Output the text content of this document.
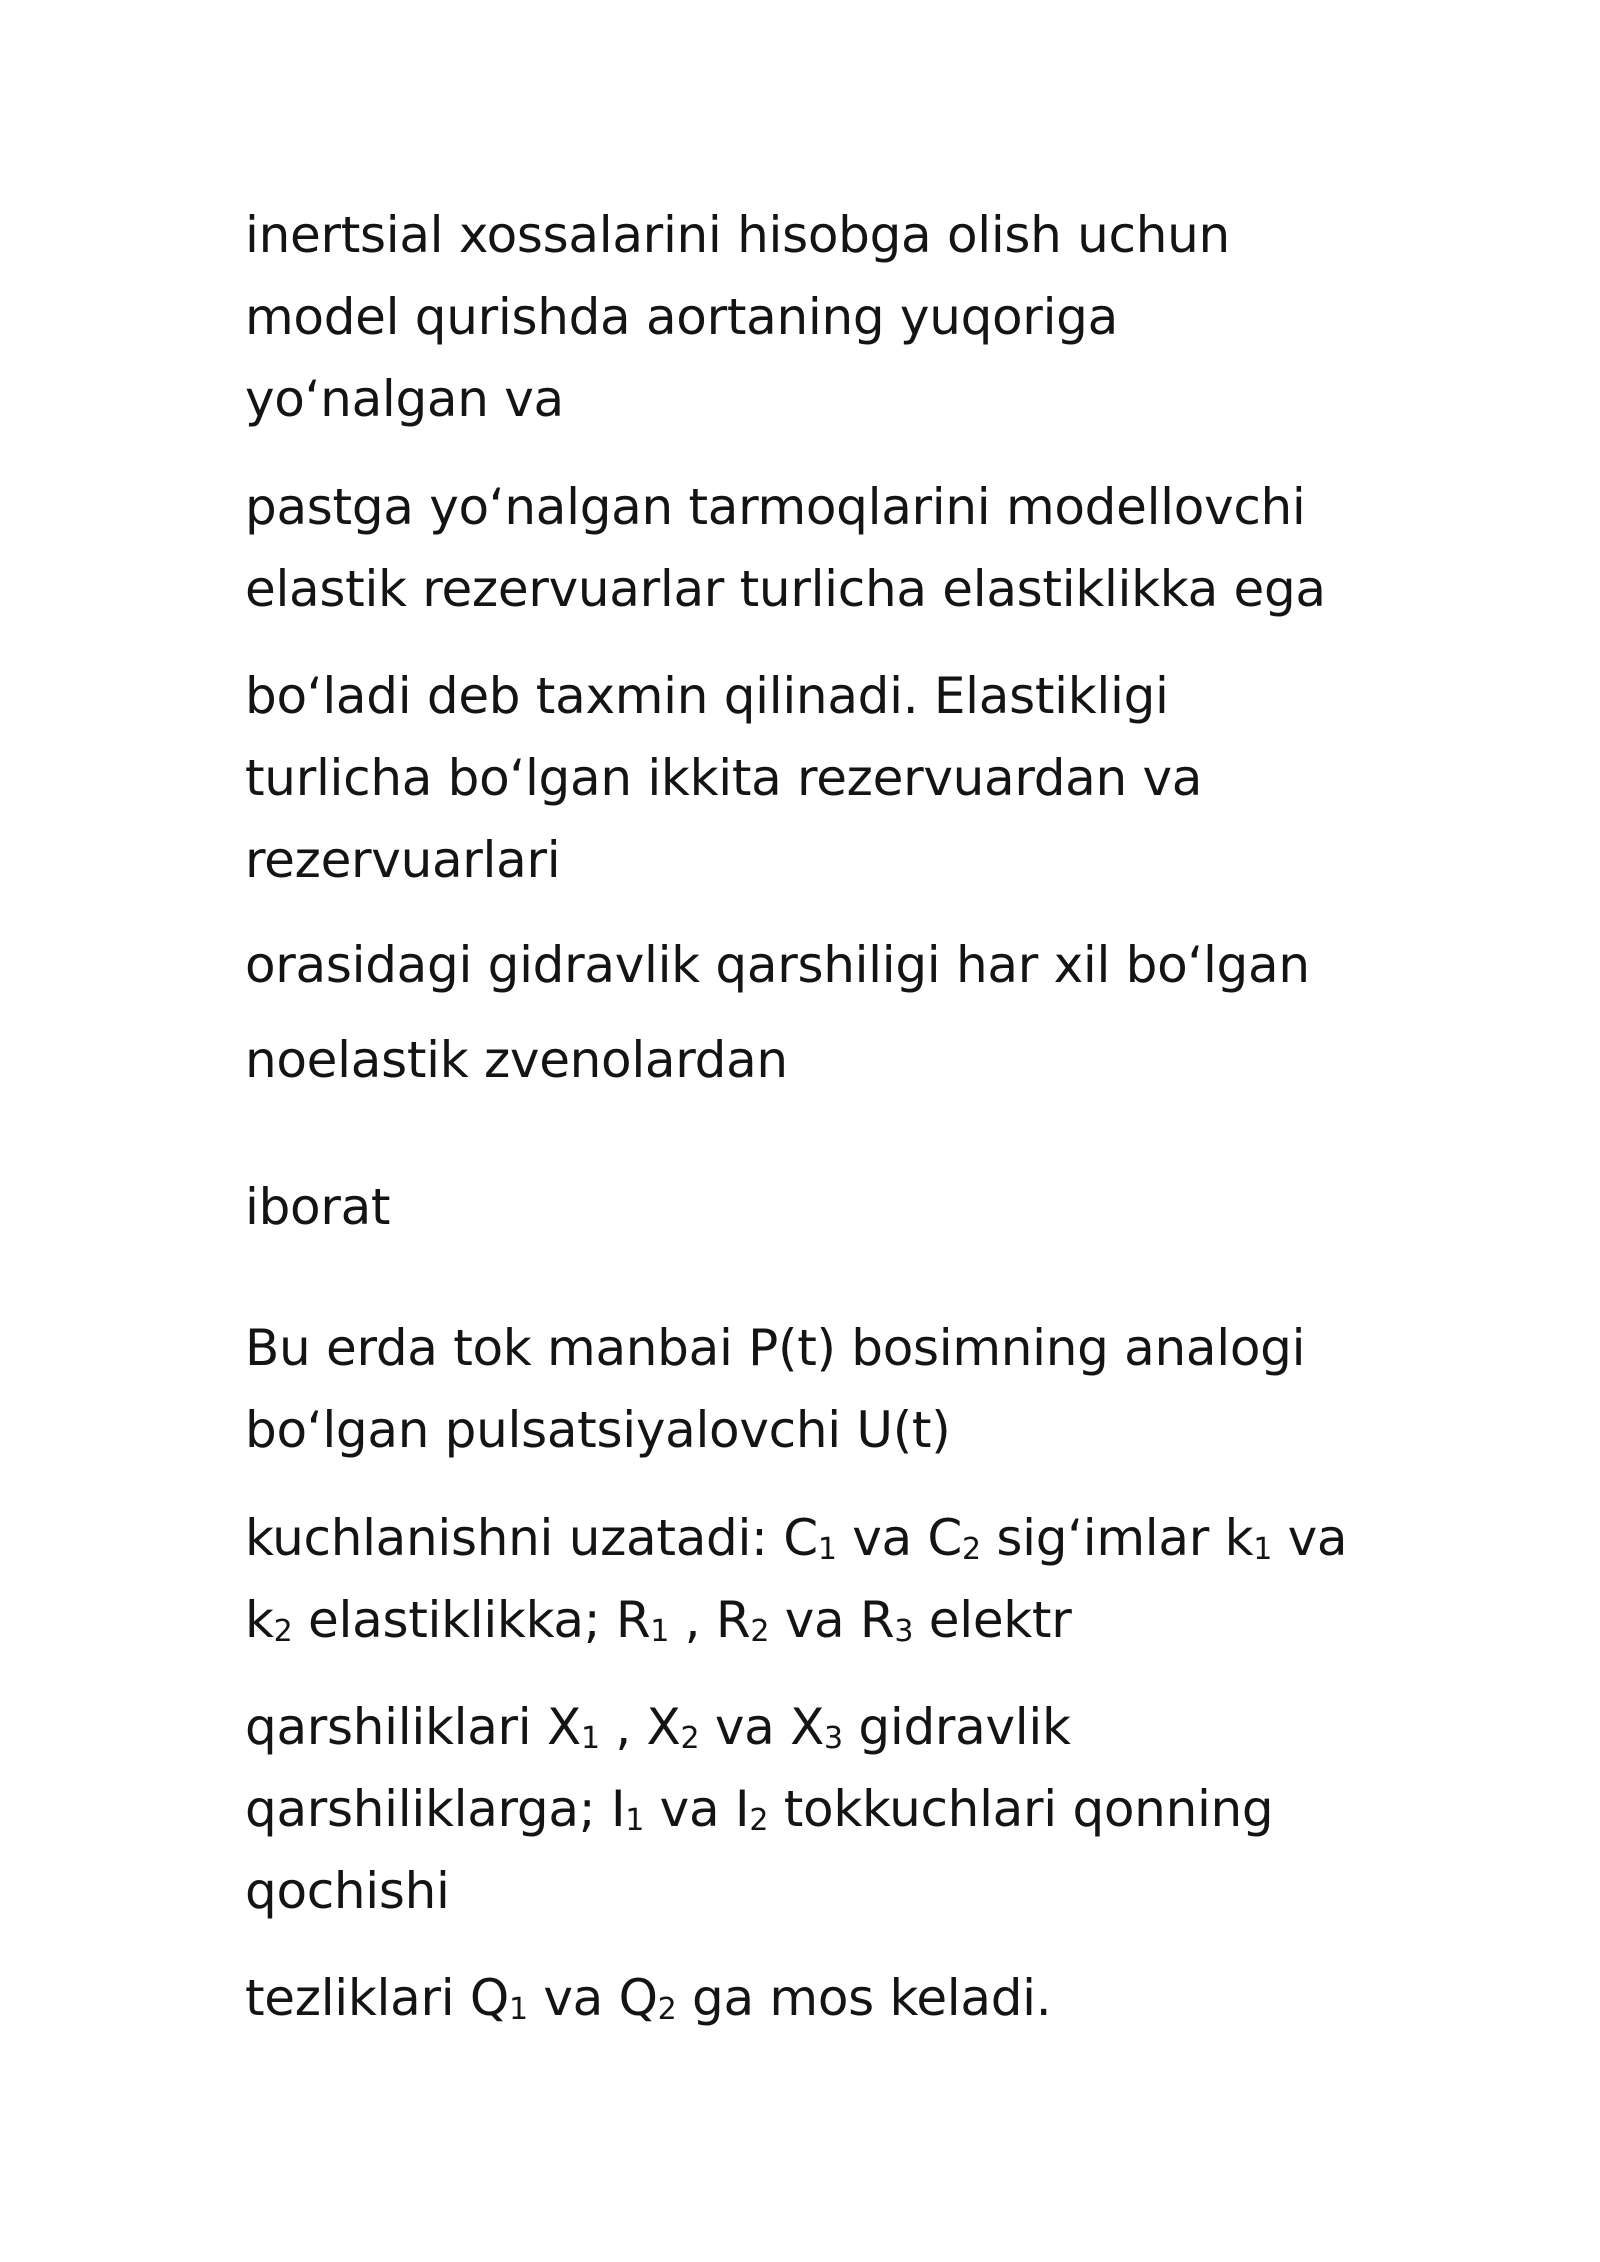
inertsial xossalarini hisobga olish uchun

model qurishda aortaning yuqoriga

yo‘nalgan va

pastga yo‘nalgan tarmoqlarini modellovchi

elastik rezervuarlar turlicha elastiklikka ega

bo‘ladi deb taxmin qilinadi. Elastikligi

turlicha bo‘lgan ikkita rezervuardan va

rezervuarlari

orasidagi gidravlik qarshiligi har xil bo‘lgan

noelastik zvenolardan

iborat

Bu erda tok manbai P(t) bosimning analogi

bo‘lgan pulsatsiyalovchi U(t)

kuchlanishni uzatadi: C1 va C2 sig‘imlar k1 va

k2 elastiklikka; R1 , R2 va R3 elektr

qarshiliklari X1 , X2 va X3 gidravlik

qarshiliklarga; I1 va I2 tokkuchlari qonning

qochishi

tezliklari Q1 va Q2 ga mos keladi.
